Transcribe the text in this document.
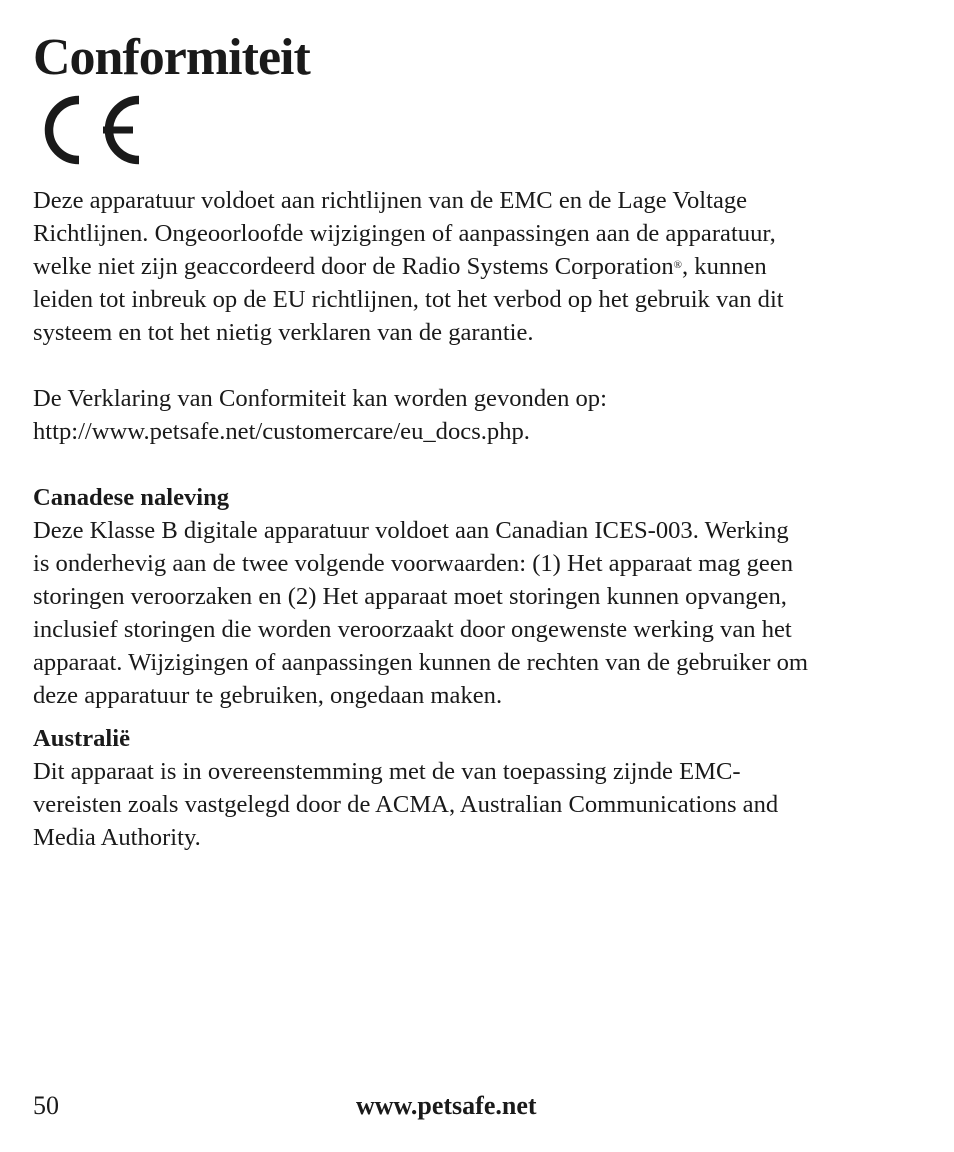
Conformiteit
Deze apparatuur voldoet aan richtlijnen van de EMC en de Lage Voltage
Richtlijnen. Ongeoorloofde wijzigingen of aanpassingen aan de apparatuur,
welke niet zijn geaccordeerd door de Radio Systems Corporation®, kunnen
leiden tot inbreuk op de EU richtlijnen, tot het verbod op het gebruik van dit
systeem en tot het nietig verklaren van de garantie.
De Verklaring van Conformiteit kan worden gevonden op:
http://www.petsafe.net/customercare/eu_docs.php.
Canadese naleving
Deze Klasse B digitale apparatuur voldoet aan Canadian ICES-003. Werking
is onderhevig aan de twee volgende voorwaarden: (1) Het apparaat mag geen
storingen veroorzaken en (2) Het apparaat moet storingen kunnen opvangen,
inclusief storingen die worden veroorzaakt door ongewenste werking van het
apparaat. Wijzigingen of aanpassingen kunnen de rechten van de gebruiker om
deze apparatuur te gebruiken, ongedaan maken.
Australië
Dit apparaat is in overeenstemming met de van toepassing zijnde EMC-
vereisten zoals vastgelegd door de ACMA, Australian Communications and
Media Authority.
50	www.petsafe.net
